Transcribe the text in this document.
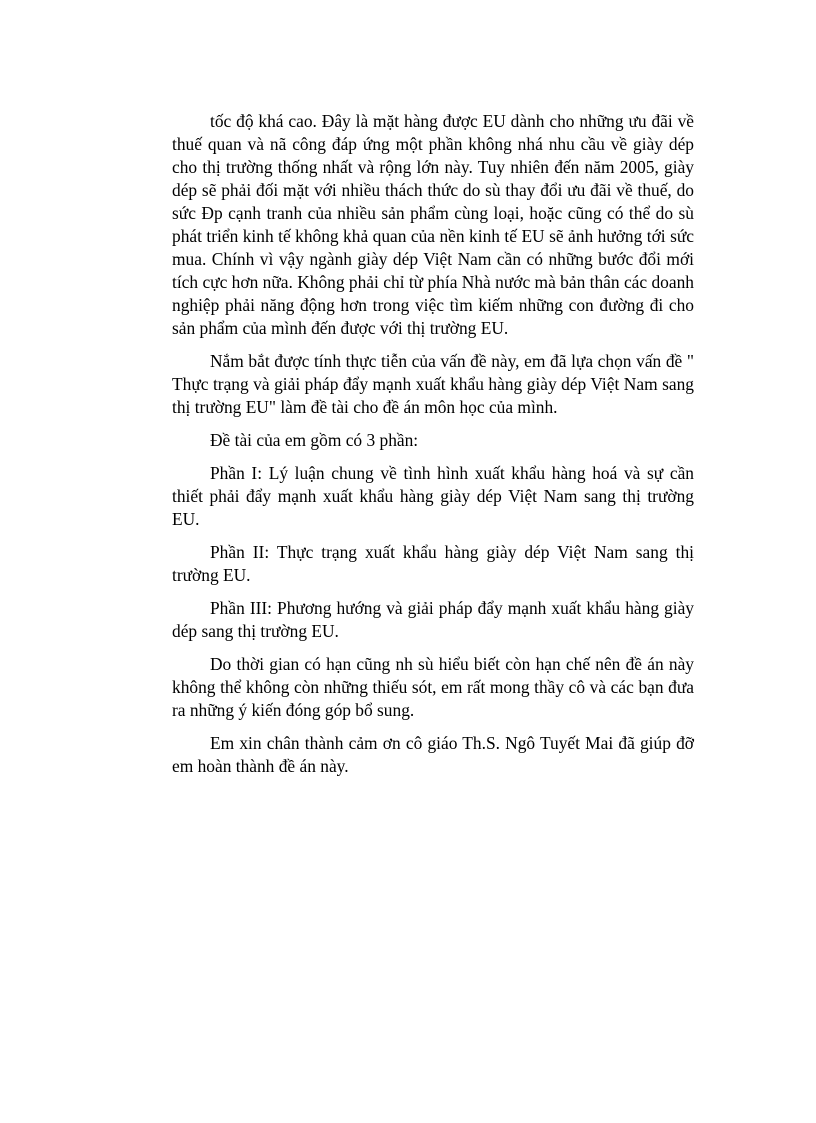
tốc độ khá cao. Đây là mặt hàng được EU dành cho những ưu đãi về thuế quan và nã công đáp ứng một phần không nhá nhu cầu về giày dép cho thị trường thống nhất và rộng lớn này. Tuy nhiên đến năm 2005, giày dép sẽ phải đối mặt với nhiều thách thức do sù thay đổi ưu đãi về thuế, do sức Đp cạnh tranh của nhiều sản phẩm cùng loại, hoặc cũng có thể do sù phát triển kinh tế không khả quan của nền kinh tế EU sẽ ảnh hưởng tới sức mua. Chính vì vậy ngành giày dép Việt Nam cần có những bước đổi mới tích cực hơn nữa. Không phải chỉ từ phía Nhà nước mà bản thân các doanh nghiệp phải năng động hơn trong việc tìm kiếm những con đường đi cho sản phẩm của mình đến được với thị trường EU.

Nắm bắt được tính thực tiễn của vấn đề này, em đã lựa chọn vấn đề " Thực trạng và giải pháp đẩy mạnh xuất khẩu hàng giày dép Việt Nam sang thị trường EU" làm đề tài cho đề án môn học của mình.

Đề tài của em gồm có 3 phần:

Phần I: Lý luận chung về tình hình xuất khẩu hàng hoá và sự cần thiết phải đẩy mạnh xuất khẩu hàng giày dép Việt Nam sang thị trường EU.

Phần II: Thực trạng xuất khẩu hàng giày dép Việt Nam sang thị trường EU.

Phần III: Phương hướng và giải pháp đẩy mạnh xuất khẩu hàng giày dép sang thị trường EU.

Do thời gian có hạn cũng nh sù hiểu biết còn hạn chế nên đề án này không thể không còn những thiếu sót, em rất mong thầy cô và các bạn đưa ra những ý kiến đóng góp bổ sung.

Em xin chân thành cảm ơn cô giáo Th.S. Ngô Tuyết Mai đã giúp đỡ em hoàn thành đề án này.
